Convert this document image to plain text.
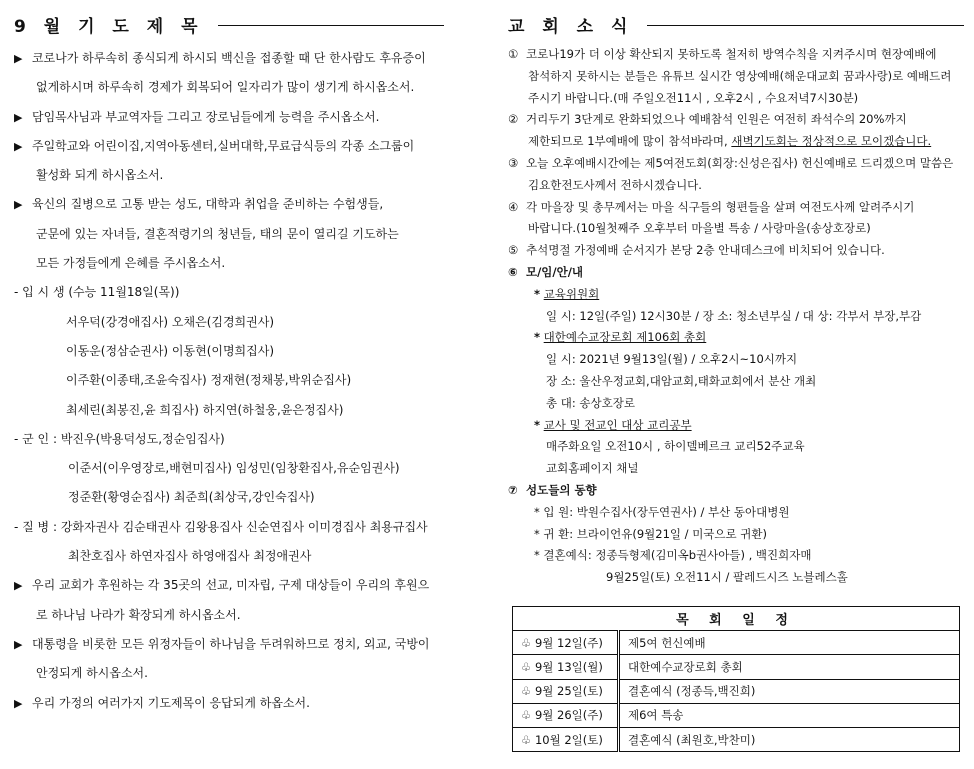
9 월 기 도 제 목
▶ 코로나가 하루속히 종식되게 하시되 백신을 접종할 때 단 한사람도 후유증이
없게하시며 하루속히 경제가 회복되어 일자리가 많이 생기게 하시옵소서.
▶ 담임목사님과 부교역자들 그리고 장로님들에게 능력을 주시옵소서.
▶ 주일학교와 어린이집,지역아동센터,실버대학,무료급식등의 각종 소그룹이
활성화 되게 하시옵소서.
▶ 육신의 질병으로 고통 받는 성도, 대학과 취업을 준비하는 수험생들,
군문에 있는 자녀들, 결혼적령기의 청년들, 태의 문이 열리길 기도하는
모든 가정들에게 은혜를 주시옵소서.
- 입 시 생 (수능 11월18일(목))
서우덕(강경애집사) 오채은(김경희권사)
이동운(정삼순권사) 이동현(이명희집사)
이주환(이종태,조윤숙집사) 정재현(정채봉,박위순집사)
최세린(최봉진,윤 희집사) 하지연(하철웅,윤은정집사)
- 군 인 : 박진우(박용덕성도,정순임집사)
이준서(이우영장로,배현미집사) 임성민(임창환집사,유순임권사)
정준환(황영순집사) 최준희(최상국,강인숙집사)
- 질 병 : 강화자권사 김순태권사 김왕용집사 신순연집사 이미경집사 최용규집사
최찬호집사 하연자집사 하영애집사 최정애권사
▶ 우리 교회가 후원하는 각 35곳의 선교, 미자립, 구제 대상들이 우리의 후원으
로 하나님 나라가 확장되게 하시옵소서.
▶ 대통령을 비롯한 모든 위정자들이 하나님을 두려워하므로 정치, 외교, 국방이
안정되게 하시옵소서.
▶ 우리 가정의 여러가지 기도제목이 응답되게 하옵소서.
교 회 소 식
① 코로나19가 더 이상 확산되지 못하도록 철저히 방역수칙을 지켜주시며 현장예배에
참석하지 못하시는 분들은 유튜브 실시간 영상예배(해운대교회 꿈과사랑)로 예배드려
주시기 바랍니다.(매 주일오전11시 , 오후2시 , 수요저녁7시30분)
② 거리두기 3단계로 완화되었으나 예배참석 인원은 여전히 좌석수의 20%까지
제한되므로 1부예배에 많이 참석바라며, 새벽기도회는 정상적으로 모이겠습니다.
③ 오늘 오후예배시간에는 제5여전도회(회장:신성은집사) 헌신예배로 드리겠으며 말씀은
김요한전도사께서 전하시겠습니다.
④ 각 마을장 및 총무께서는 마을 식구들의 형편들을 살펴 여전도사께 알려주시기
바랍니다.(10월첫째주 오후부터 마을별 특송 / 사랑마을(송상호장로)
⑤ 추석명절 가정예배 순서지가 본당 2층 안내데스크에 비치되어 있습니다.
⑥ 모/임/안/내
* 교육위원회
일 시: 12일(주일) 12시30분 / 장 소: 청소년부실 / 대 상: 각부서 부장,부감
* 대한예수교장로회 제106회 총회
일 시: 2021년 9월13일(월) / 오후2시~10시까지
장 소: 울산우정교회,대암교회,태화교회에서 분산 개최
총 대: 송상호장로
* 교사 및 전교인 대상 교리공부
매주화요일 오전10시 , 하이델베르크 교리52주교육
교회홈페이지 채널
⑦ 성도들의 동향
* 입 원: 박원수집사(장두연권사) / 부산 동아대병원
* 귀 환: 브라이언유(9월21일 / 미국으로 귀환)
* 결혼예식: 정종득형제(김미옥b권사아들) , 백진희자매
9월25일(토) 오전11시 / 팔레드시즈 노블레스홀
목 회 일 정	
♧ 9월 12일(주)	제5여 헌신예배
♧ 9월 13일(월)	대한예수교장로회 총회
♧ 9월 25일(토)	결혼예식 (정종득,백진희)
♧ 9월 26일(주)	제6여 특송
♧ 10월 2일(토)	결혼예식 (최원호,박찬미)
